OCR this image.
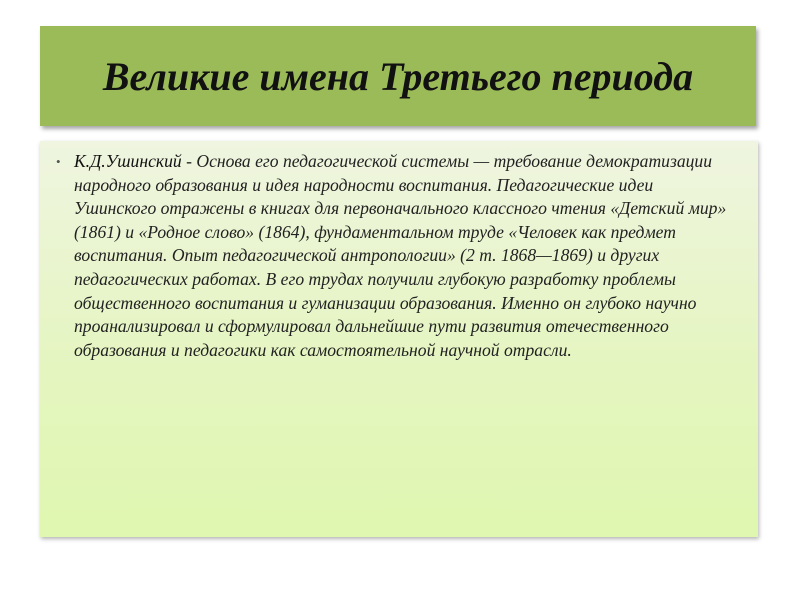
Великие имена Третьего периода

• К.Д.Ушинский - Основа его педагогической системы — требование демократизации народного образования и идея народности воспитания. Педагогические идеи Ушинского отражены в книгах для первоначального классного чтения «Детский мир» (1861) и «Родное слово» (1864), фундаментальном труде «Человек как предмет воспитания. Опыт педагогической антропологии» (2 т. 1868—1869) и других педагогических работах. В его трудах получили глубокую разработку проблемы общественного воспитания и гуманизации образования. Именно он глубоко научно проанализировал и сформулировал дальнейшие пути развития отечественного образования и педагогики как самостоятельной научной отрасли.
